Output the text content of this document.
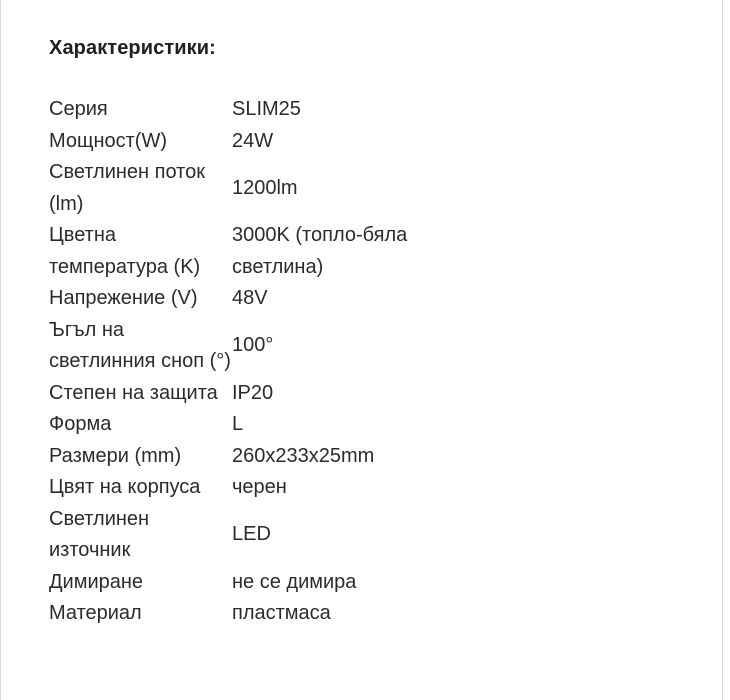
Характеристики:
Серия	SLIM25
Мощност(W)	24W
Светлинен поток (lm)	1200lm
Цветна температура (K)	3000K (топло-бяла светлина)
Напрежение (V)	48V
Ъгъл на светлинния сноп (°)	100°
Степен на защита	IP20
Форма	L
Размери (mm)	260x233x25mm
Цвят на корпуса	черен
Светлинен източник	LED
Димиране	не се димира
Материал	пластмаса
